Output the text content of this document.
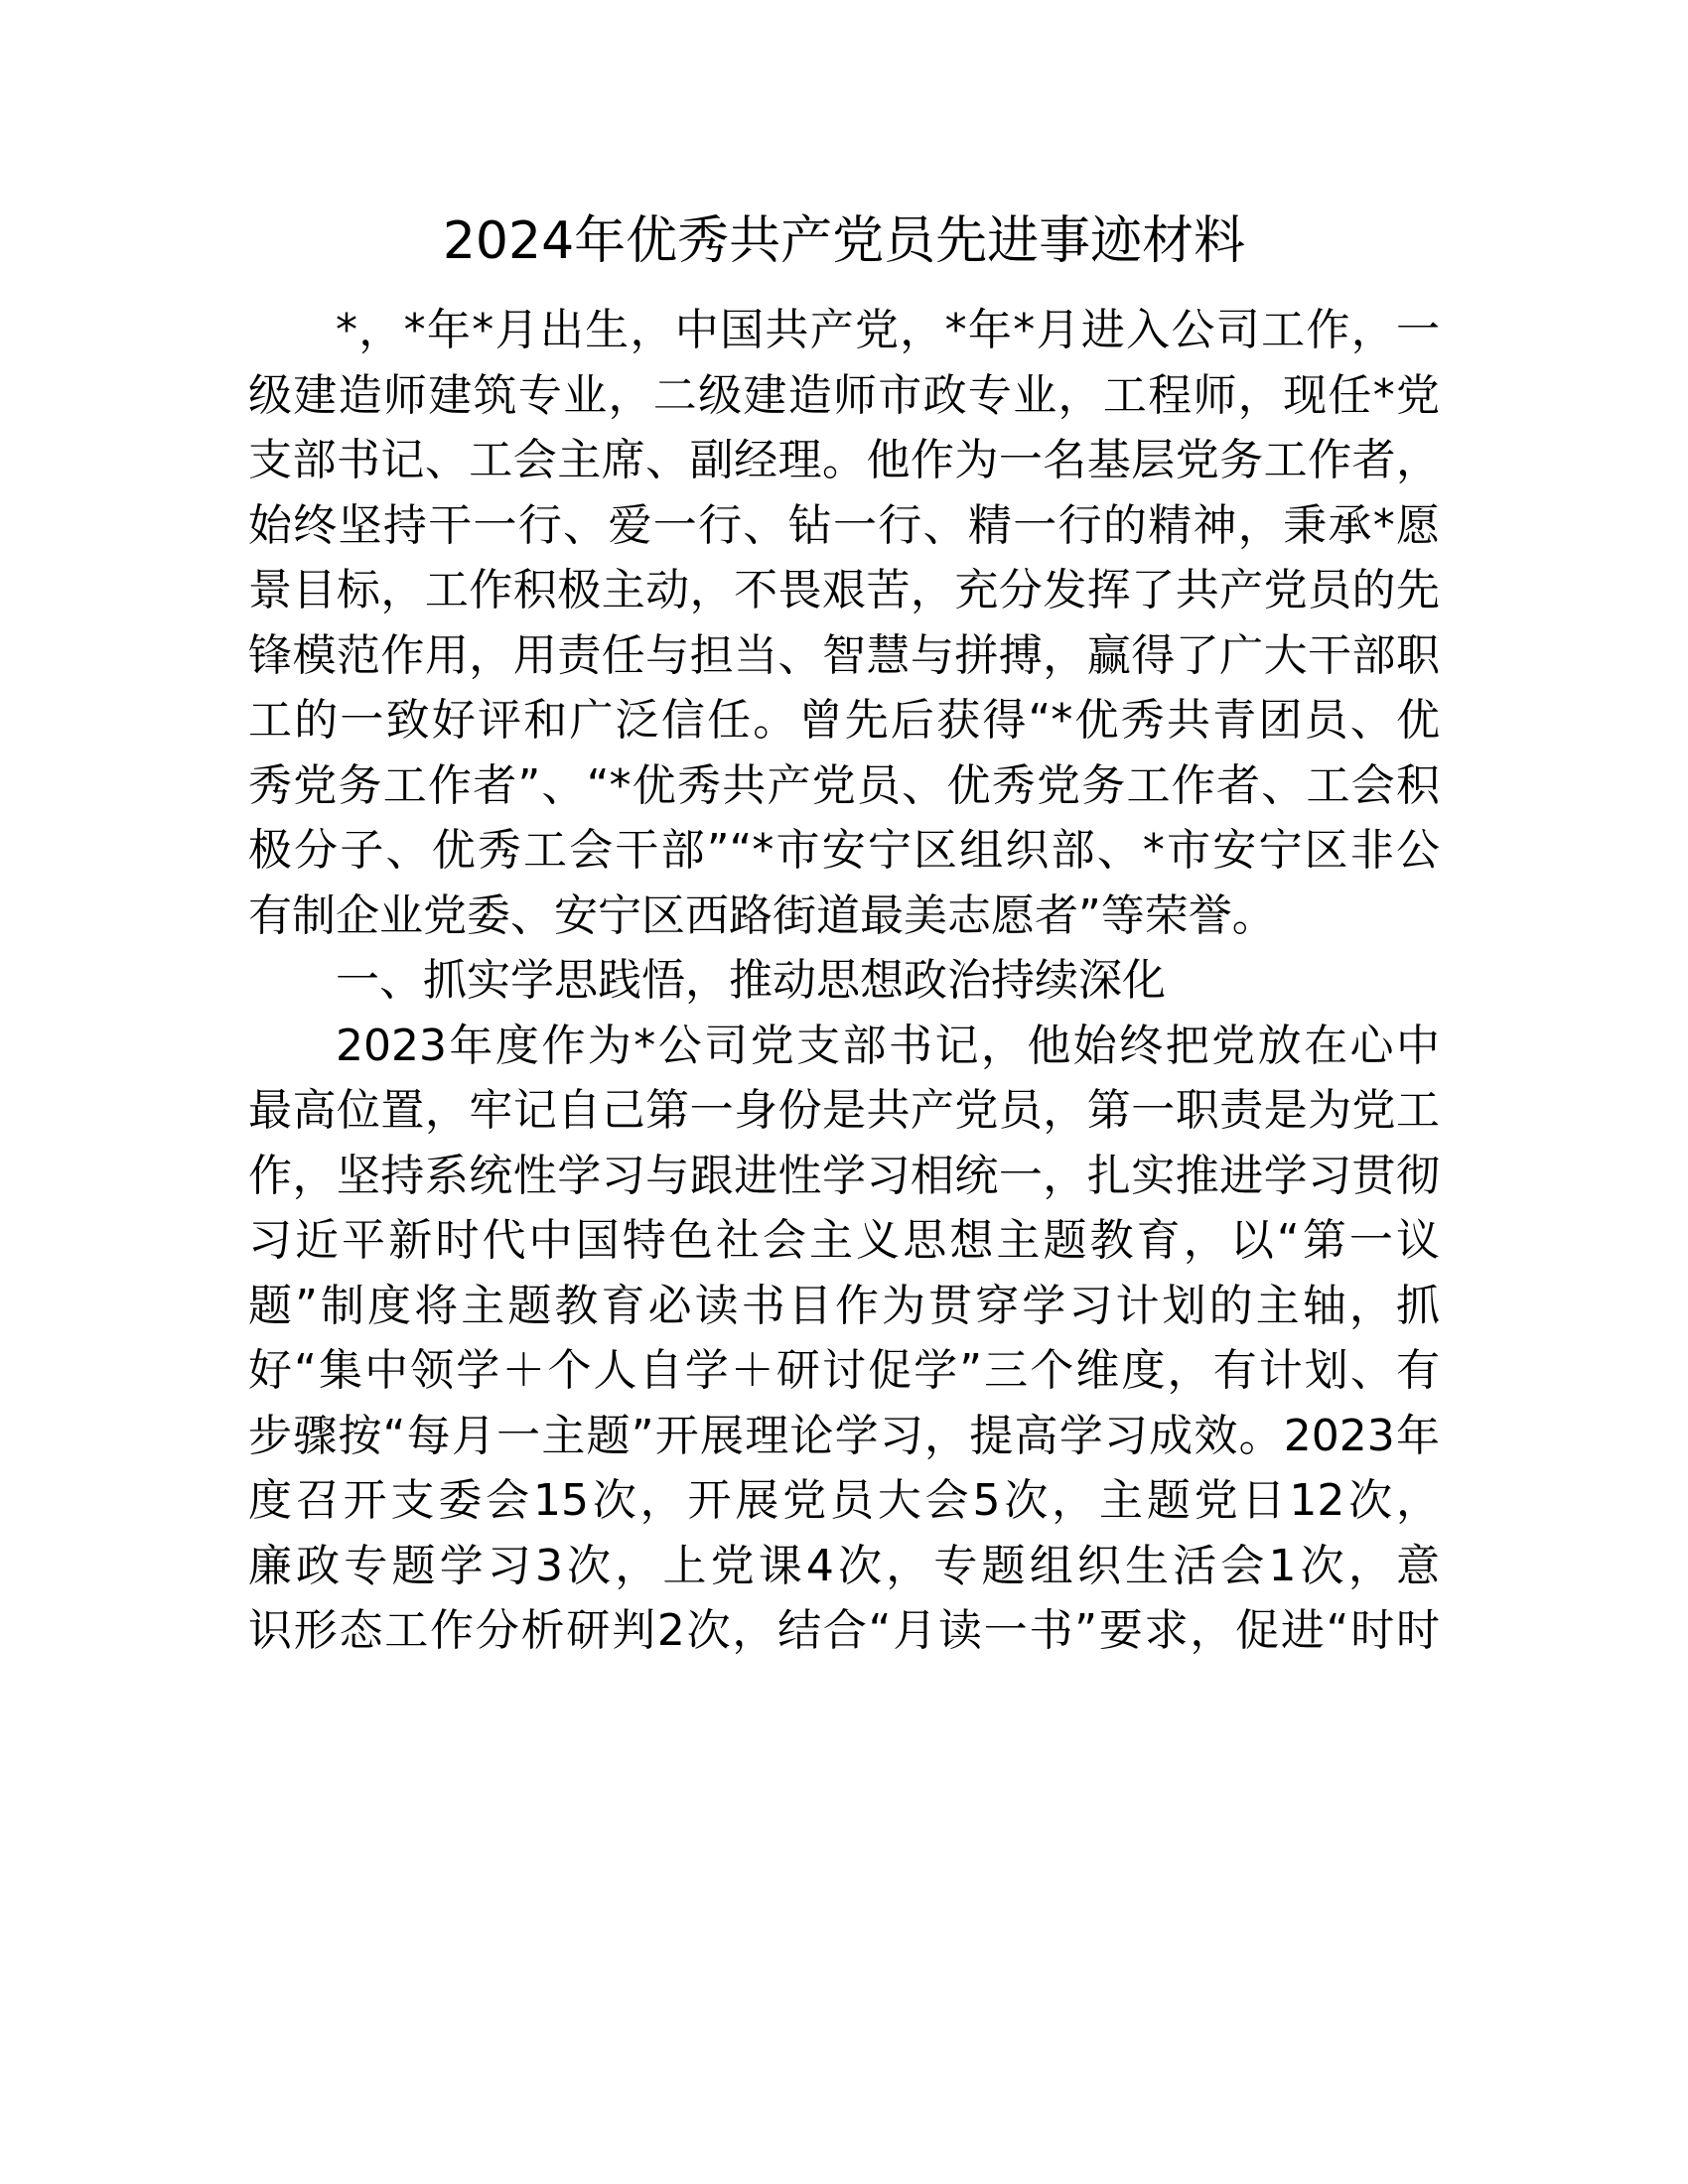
2024年优秀共产党员先进事迹材料
*，*年*月出生，中国共产党，*年*月进入公司工作，一
级建造师建筑专业，二级建造师市政专业，工程师，现任*党
支部书记、工会主席、副经理。他作为一名基层党务工作者，
始终坚持干一行、爱一行、钻一行、精一行的精神，秉承*愿
景目标，工作积极主动，不畏艰苦，充分发挥了共产党员的先
锋模范作用，用责任与担当、智慧与拼搏，赢得了广大干部职
工的一致好评和广泛信任。曾先后获得“*优秀共青团员、优
秀党务工作者”、“*优秀共产党员、优秀党务工作者、工会积
极分子、优秀工会干部”“*市安宁区组织部、*市安宁区非公
有制企业党委、安宁区西路街道最美志愿者”等荣誉。
一、抓实学思践悟，推动思想政治持续深化
2023年度作为*公司党支部书记，他始终把党放在心中
最高位置，牢记自己第一身份是共产党员，第一职责是为党工
作，坚持系统性学习与跟进性学习相统一，扎实推进学习贯彻
习近平新时代中国特色社会主义思想主题教育，以“第一议
题”制度将主题教育必读书目作为贯穿学习计划的主轴，抓
好“集中领学＋个人自学＋研讨促学”三个维度，有计划、有
步骤按“每月一主题”开展理论学习，提高学习成效。2023年
度召开支委会15次，开展党员大会5次，主题党日12次，
廉政专题学习3次，上党课4次，专题组织生活会1次，意
识形态工作分析研判2次，结合“月读一书”要求，促进“时时
